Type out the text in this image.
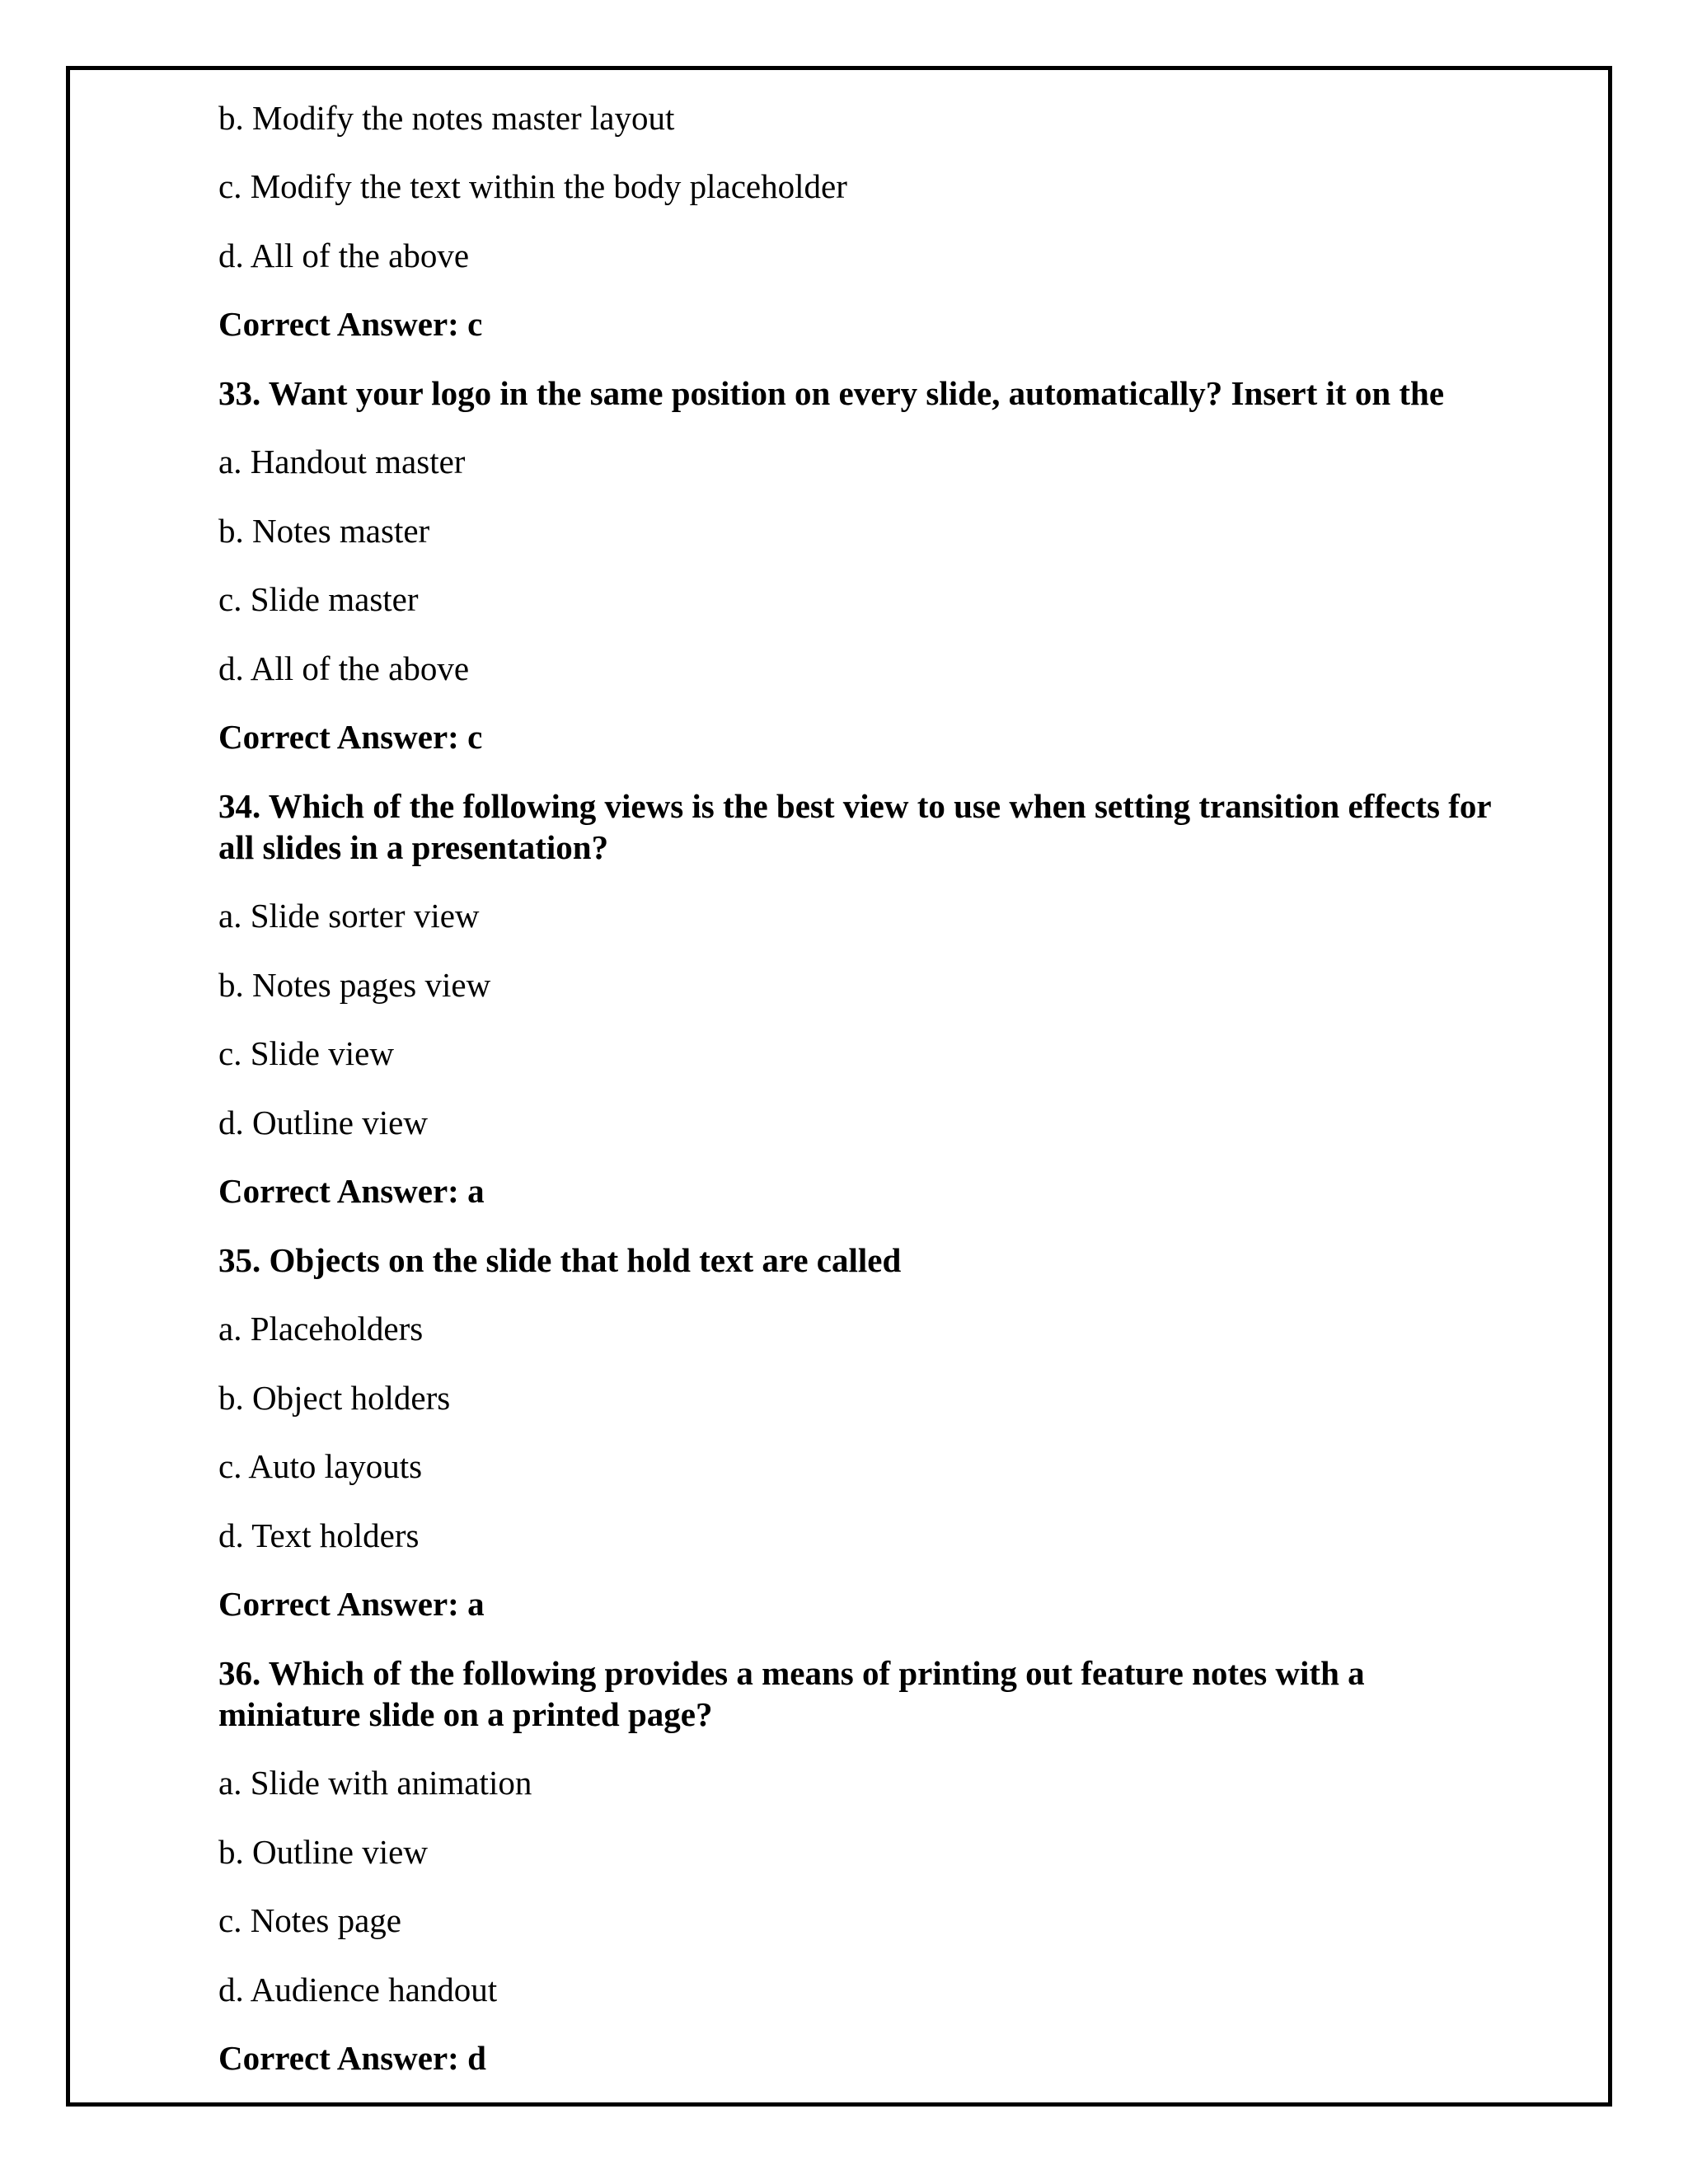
b. Modify the notes master layout

c. Modify the text within the body placeholder

d. All of the above

Correct Answer: c

33. Want your logo in the same position on every slide, automatically? Insert it on the

a. Handout master

b. Notes master

c. Slide master

d. All of the above

Correct Answer: c

34. Which of the following views is the best view to use when setting transition effects for

all slides in a presentation?

a. Slide sorter view

b. Notes pages view

c. Slide view

d. Outline view

Correct Answer: a

35. Objects on the slide that hold text are called

a. Placeholders

b. Object holders

c. Auto layouts

d. Text holders

Correct Answer: a

36. Which of the following provides a means of printing out feature notes with a

miniature slide on a printed page?

a. Slide with animation

b. Outline view

c. Notes page

d. Audience handout

Correct Answer: d
